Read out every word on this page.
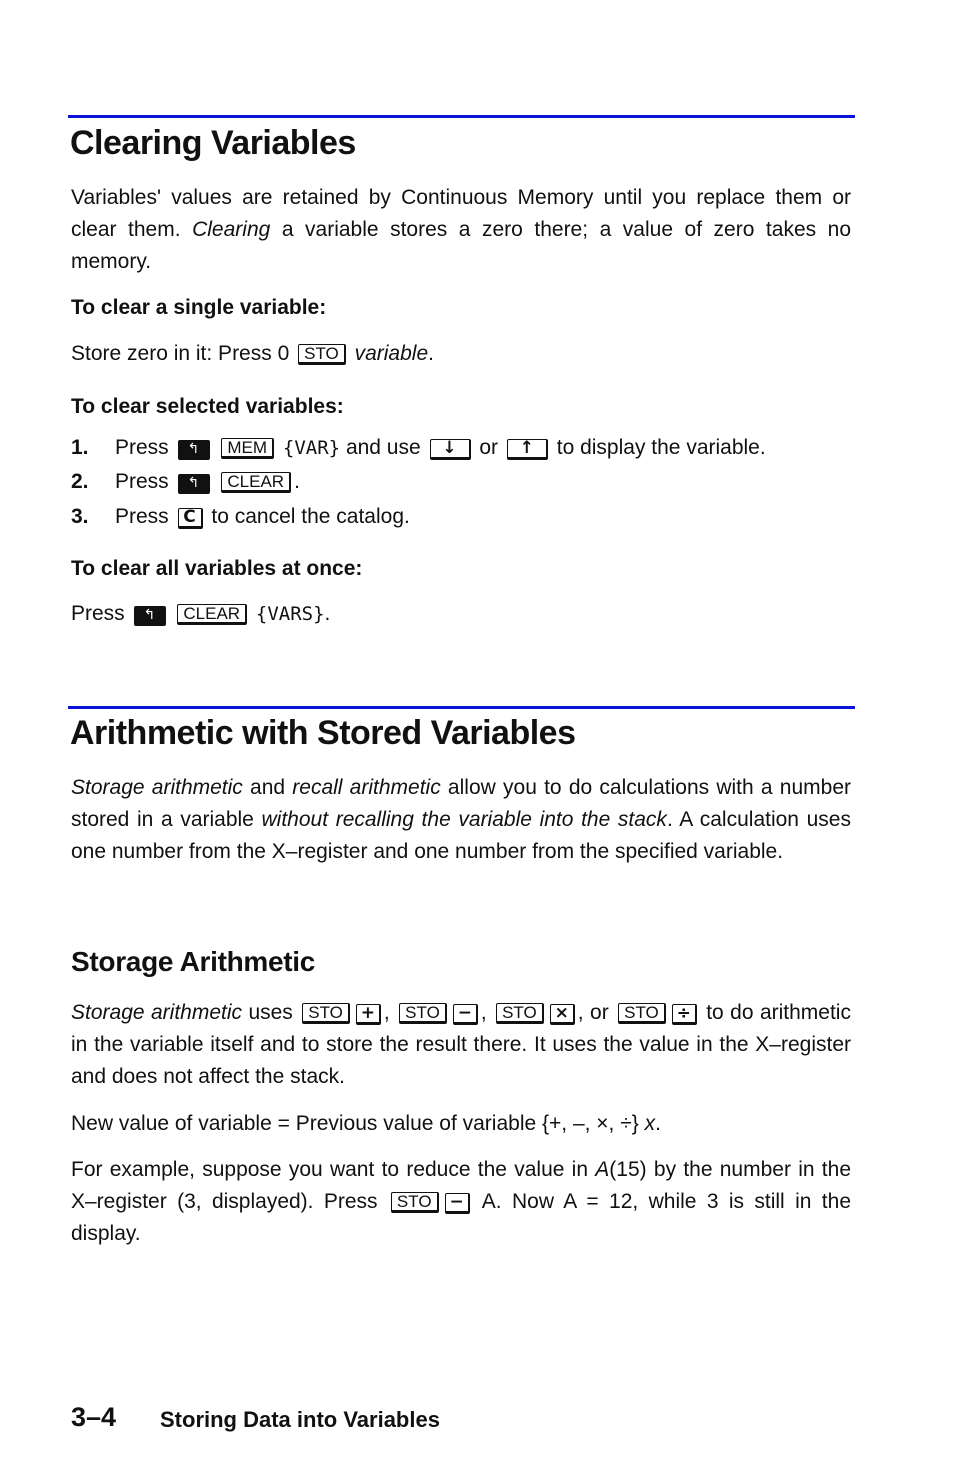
Clearing Variables
Variables' values are retained by Continuous Memory until you replace them or clear them. Clearing a variable stores a zero there; a value of zero takes no memory.
To clear a single variable:
Store zero in it: Press 0 STO variable.
To clear selected variables:
1. Press ↰ MEM {VAR} and use ↓ or ↑ to display the variable.
2. Press ↰ CLEAR .
3. Press C to cancel the catalog.
To clear all variables at once:
Press ↰ CLEAR {VARS}.
Arithmetic with Stored Variables
Storage arithmetic and recall arithmetic allow you to do calculations with a number stored in a variable without recalling the variable into the stack. A calculation uses one number from the X–register and one number from the specified variable.
Storage Arithmetic
Storage arithmetic uses STO + , STO − , STO × , or STO ÷ to do arithmetic in the variable itself and to store the result there. It uses the value in the X–register and does not affect the stack.
New value of variable = Previous value of variable {+, –, ×, ÷} x.
For example, suppose you want to reduce the value in A(15) by the number in the X–register (3, displayed). Press STO − A. Now A = 12, while 3 is still in the display.
3–4 Storing Data into Variables
